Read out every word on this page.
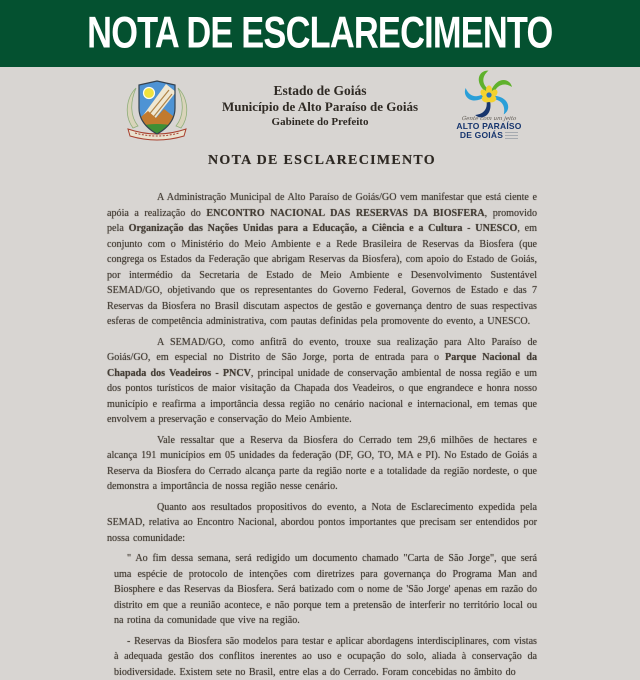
NOTA DE ESCLARECIMENTO
Estado de Goiás
Município de Alto Paraíso de Goiás
Gabinete do Prefeito	Gente com um jeito
ALTO PARAÍSO
DE GOIÁS
NOTA DE ESCLARECIMENTO

A Administração Municipal de Alto Paraíso de Goiás/GO vem manifestar que está ciente e apóia a realização do ENCONTRO NACIONAL DAS RESERVAS DA BIOSFERA, promovido pela Organização das Nações Unidas para a Educação, a Ciência e a Cultura - UNESCO, em conjunto com o Ministério do Meio Ambiente e a Rede Brasileira de Reservas da Biosfera (que congrega os Estados da Federação que abrigam Reservas da Biosfera), com apoio do Estado de Goiás, por intermédio da Secretaria de Estado de Meio Ambiente e Desenvolvimento Sustentável SEMAD/GO, objetivando que os representantes do Governo Federal, Governos de Estado e das 7 Reservas da Biosfera no Brasil discutam aspectos de gestão e governança dentro de suas respectivas esferas de competência administrativa, com pautas definidas pela promovente do evento, a UNESCO.

A SEMAD/GO, como anfitrã do evento, trouxe sua realização para Alto Paraíso de Goiás/GO, em especial no Distrito de São Jorge, porta de entrada para o Parque Nacional da Chapada dos Veadeiros - PNCV, principal unidade de conservação ambiental de nossa região e um dos pontos turísticos de maior visitação da Chapada dos Veadeiros, o que engrandece e honra nosso município e reafirma a importância dessa região no cenário nacional e internacional, em temas que envolvem a preservação e conservação do Meio Ambiente.

Vale ressaltar que a Reserva da Biosfera do Cerrado tem 29,6 milhões de hectares e alcança 191 municípios em 05 unidades da federação (DF, GO, TO, MA e PI). No Estado de Goiás a Reserva da Biosfera do Cerrado alcança parte da região norte e a totalidade da região nordeste, o que demonstra a importância de nossa região nesse cenário.

Quanto aos resultados propositivos do evento, a Nota de Esclarecimento expedida pela SEMAD, relativa ao Encontro Nacional, abordou pontos importantes que precisam ser entendidos por nossa comunidade:

" Ao fim dessa semana, será redigido um documento chamado "Carta de São Jorge", que será uma espécie de protocolo de intenções com diretrizes para governança do Programa Man and Biosphere e das Reservas da Biosfera. Será batizado com o nome de 'São Jorge' apenas em razão do distrito em que a reunião acontece, e não porque tem a pretensão de interferir no território local ou na rotina da comunidade que vive na região.

- Reservas da Biosfera são modelos para testar e aplicar abordagens interdisciplinares, com vistas à adequada gestão dos conflitos inerentes ao uso e ocupação do solo, aliada à conservação da biodiversidade. Existem sete no Brasil, entre elas a do Cerrado. Foram concebidas no âmbito do
